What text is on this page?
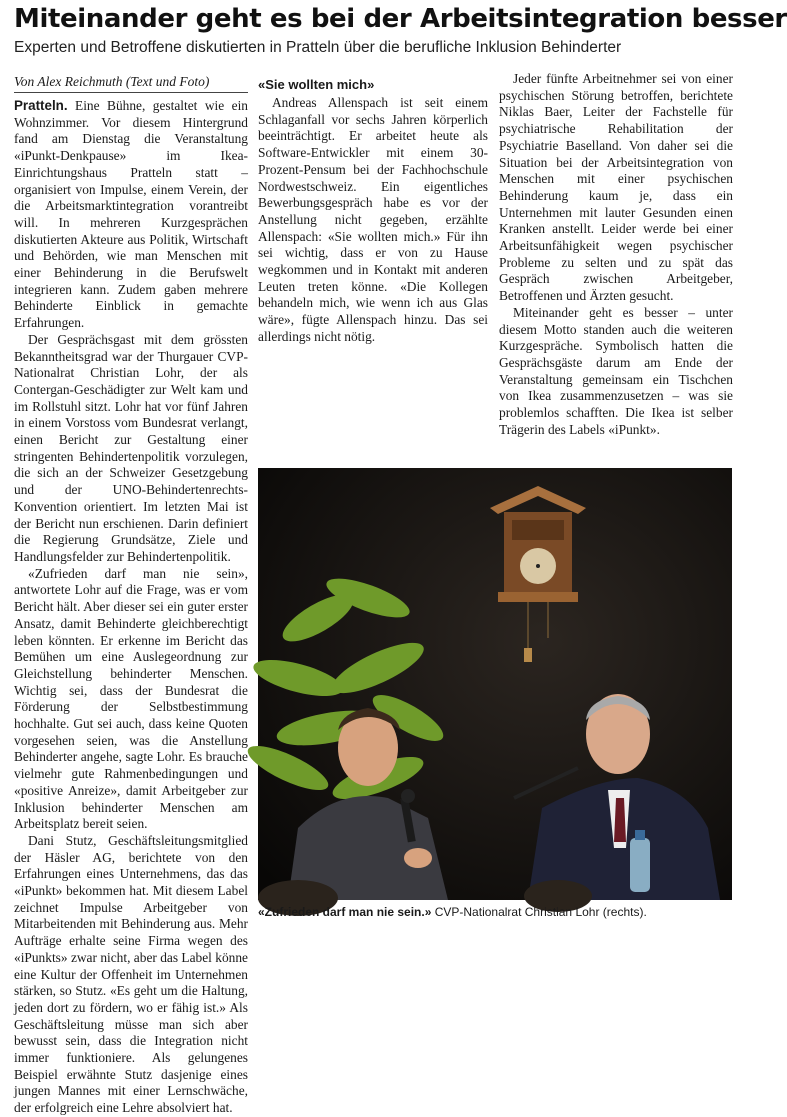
Miteinander geht es bei der Arbeitsintegration besser

Experten und Betroffene diskutierten in Pratteln über die berufliche Inklusion Behinderter

Von Alex Reichmuth (Text und Foto)

Pratteln. Eine Bühne, gestaltet wie ein Wohnzimmer. Vor diesem Hintergrund fand am Dienstag die Veranstaltung «iPunkt-Denkpause» im Ikea-Einrichtungshaus Pratteln statt – organisiert von Impulse, einem Verein, der die Arbeitsmarktintegration vorantreibt will. In mehreren Kurzgesprächen diskutierten Akteure aus Politik, Wirtschaft und Behörden, wie man Menschen mit einer Behinderung in die Berufswelt integrieren kann. Zudem gaben mehrere Behinderte Einblick in gemachte Erfahrungen.

Der Gesprächsgast mit dem grössten Bekanntheitsgrad war der Thurgauer CVP-Nationalrat Christian Lohr, der als Contergan-Geschädigter zur Welt kam und im Rollstuhl sitzt. Lohr hat vor fünf Jahren in einem Vorstoss vom Bundesrat verlangt, einen Bericht zur Gestaltung einer stringenten Behindertenpolitik vorzulegen, die sich an der Schweizer Gesetzgebung und der UNO-Behindertenrechts-Konvention orientiert. Im letzten Mai ist der Bericht nun erschienen. Darin definiert die Regierung Grundsätze, Ziele und Handlungsfelder zur Behindertenpolitik.

«Zufrieden darf man nie sein», antwortete Lohr auf die Frage, was er vom Bericht hält. Aber dieser sei ein guter erster Ansatz, damit Behinderte gleichberechtigt leben könnten. Er erkenne im Bericht das Bemühen um eine Auslegeordnung zur Gleichstellung behinderter Menschen. Wichtig sei, dass der Bundesrat die Förderung der Selbstbestimmung hochhalte. Gut sei auch, dass keine Quoten vorgesehen seien, was die Anstellung Behinderter angehe, sagte Lohr. Es brauche vielmehr gute Rahmenbedingungen und «positive Anreize», damit Arbeitgeber zur Inklusion behinderter Menschen am Arbeitsplatz bereit seien.

Dani Stutz, Geschäftsleitungsmitglied der Häsler AG, berichtete von den Erfahrungen eines Unternehmens, das das «iPunkt» bekommen hat. Mit diesem Label zeichnet Impulse Arbeitgeber von Mitarbeitenden mit Behinderung aus. Mehr Aufträge erhalte seine Firma wegen des «iPunkts» zwar nicht, aber das Label könne eine Kultur der Offenheit im Unternehmen stärken, so Stutz. «Es geht um die Haltung, jeden dort zu fördern, wo er fähig ist.» Als Geschäftsleitung müsse man sich aber bewusst sein, dass die Integration nicht immer funktioniere. Als gelungenes Beispiel erwähnte Stutz dasjenige eines jungen Mannes mit einer Lernschwäche, der erfolgreich eine Lehre absolviert hat.

«Sie wollten mich»

Andreas Allenspach ist seit einem Schlaganfall vor sechs Jahren körperlich beeinträchtigt. Er arbeitet heute als Software-Entwickler mit einem 30-Prozent-Pensum bei der Fachhochschule Nordwestschweiz. Ein eigentliches Bewerbungsgespräch habe es vor der Anstellung nicht gegeben, erzählte Allenspach: «Sie wollten mich.» Für ihn sei wichtig, dass er von zu Hause wegkommen und in Kontakt mit anderen Leuten treten könne. «Die Kollegen behandeln mich, wie wenn ich aus Glas wäre», fügte Allenspach hinzu. Das sei allerdings nicht nötig.

Jeder fünfte Arbeitnehmer sei von einer psychischen Störung betroffen, berichtete Niklas Baer, Leiter der Fachstelle für psychiatrische Rehabilitation der Psychiatrie Baselland. Von daher sei die Situation bei der Arbeitsintegration von Menschen mit einer psychischen Behinderung kaum je, dass ein Unternehmen mit lauter Gesunden einen Kranken anstellt. Leider werde bei einer Arbeitsunfähigkeit wegen psychischer Probleme zu selten und zu spät das Gespräch zwischen Arbeitgeber, Betroffenen und Ärzten gesucht.

Miteinander geht es besser – unter diesem Motto standen auch die weiteren Kurzgespräche. Symbolisch hatten die Gesprächsgäste darum am Ende der Veranstaltung gemeinsam ein Tischchen von Ikea zusammenzusetzen – was sie problemlos schafften. Die Ikea ist selber Trägerin des Labels «iPunkt».

«Zufrieden darf man nie sein.» CVP-Nationalrat Christian Lohr (rechts).
